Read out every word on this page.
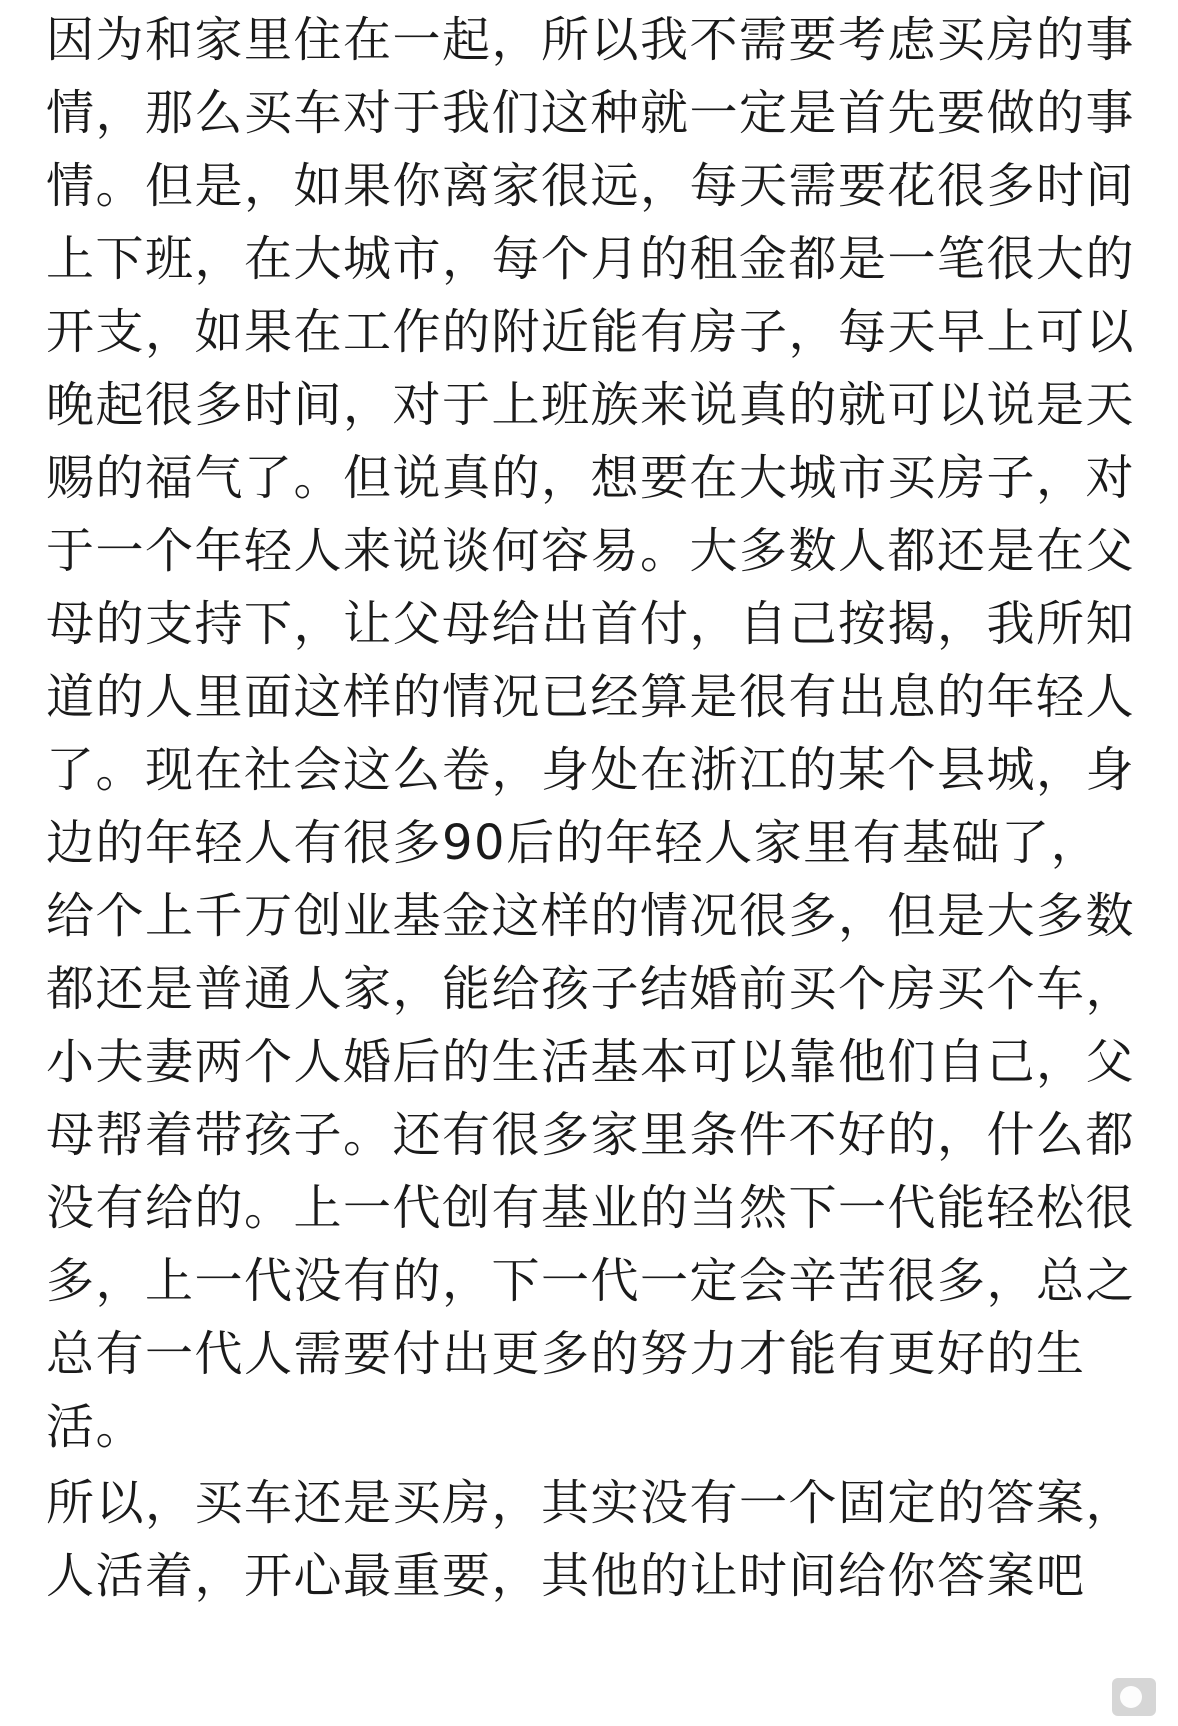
因为和家里住在一起，所以我不需要考虑买房的事
情，那么买车对于我们这种就一定是首先要做的事
情。但是，如果你离家很远，每天需要花很多时间
上下班，在大城市，每个月的租金都是一笔很大的
开支，如果在工作的附近能有房子，每天早上可以
晚起很多时间，对于上班族来说真的就可以说是天
赐的福气了。但说真的，想要在大城市买房子，对
于一个年轻人来说谈何容易。大多数人都还是在父
母的支持下，让父母给出首付，自己按揭，我所知
道的人里面这样的情况已经算是很有出息的年轻人
了。现在社会这么卷，身处在浙江的某个县城，身
边的年轻人有很多90后的年轻人家里有基础了，
给个上千万创业基金这样的情况很多，但是大多数
都还是普通人家，能给孩子结婚前买个房买个车，
小夫妻两个人婚后的生活基本可以靠他们自己，父
母帮着带孩子。还有很多家里条件不好的，什么都
没有给的。上一代创有基业的当然下一代能轻松很
多，上一代没有的，下一代一定会辛苦很多，总之
总有一代人需要付出更多的努力才能有更好的生
活。
所以，买车还是买房，其实没有一个固定的答案，
人活着，开心最重要，其他的让时间给你答案吧
